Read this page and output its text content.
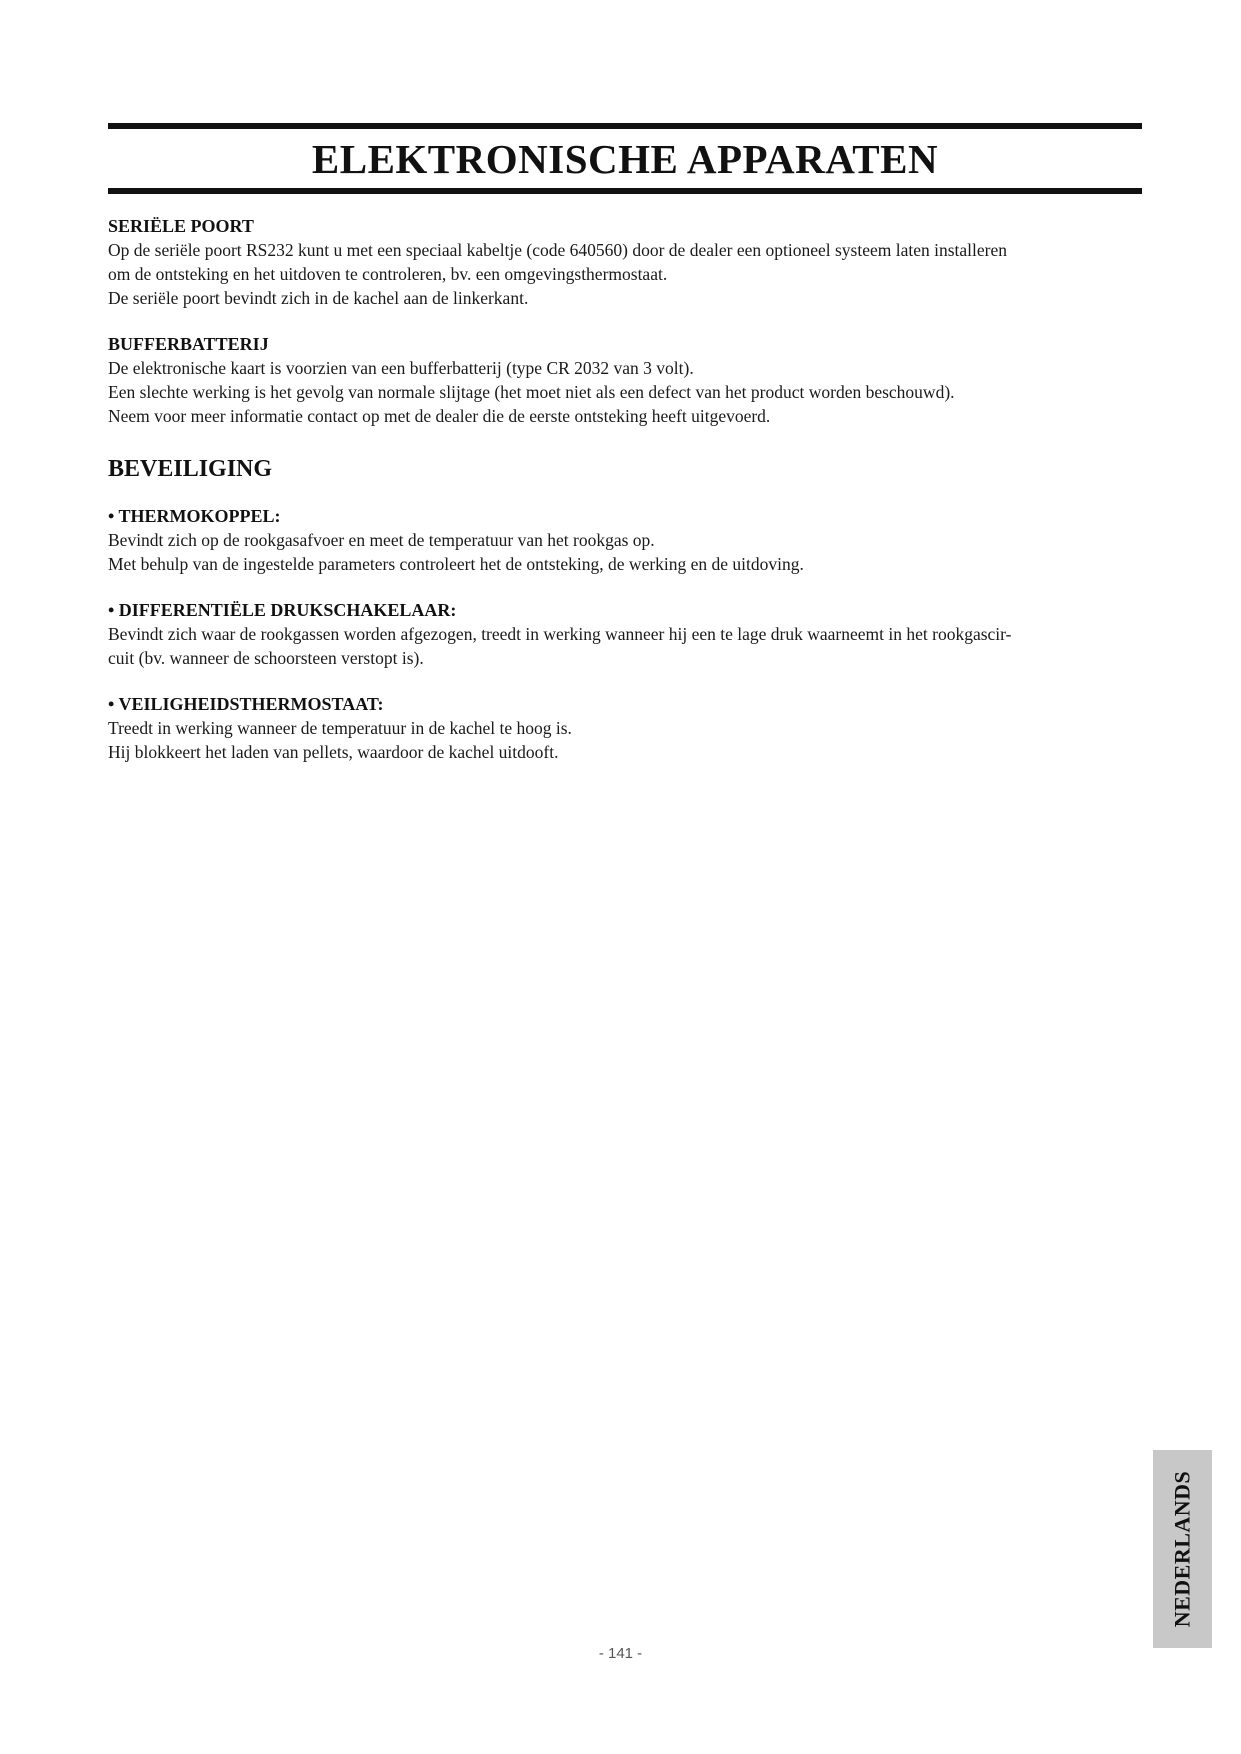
ELEKTRONISCHE APPARATEN

SERIËLE POORT

Op de seriële poort RS232 kunt u met een speciaal kabeltje (code 640560) door de dealer een optioneel systeem laten installeren

om de ontsteking en het uitdoven te controleren, bv. een omgevingsthermostaat.

De seriële poort bevindt zich in de kachel aan de linkerkant.

BUFFERBATTERIJ

De elektronische kaart is voorzien van een bufferbatterij (type CR 2032 van 3 volt).

Een slechte werking is het gevolg van normale slijtage (het moet niet als een defect van het product worden beschouwd).

Neem voor meer informatie contact op met de dealer die de eerste ontsteking heeft uitgevoerd.

BEVEILIGING

• THERMOKOPPEL:

Bevindt zich op de rookgasafvoer en meet de temperatuur van het rookgas op.

Met behulp van de ingestelde parameters controleert het de ontsteking, de werking en de uitdoving.

• DIFFERENTIËLE DRUKSCHAKELAAR:

Bevindt zich waar de rookgassen worden afgezogen, treedt in werking wanneer hij een te lage druk waarneemt in het rookgascir-

cuit (bv. wanneer de schoorsteen verstopt is).

• VEILIGHEIDSTHERMOSTAAT:

Treedt in werking wanneer de temperatuur in de kachel te hoog is.

Hij blokkeert het laden van pellets, waardoor de kachel uitdooft.

NEDERLANDS
- 141 -
